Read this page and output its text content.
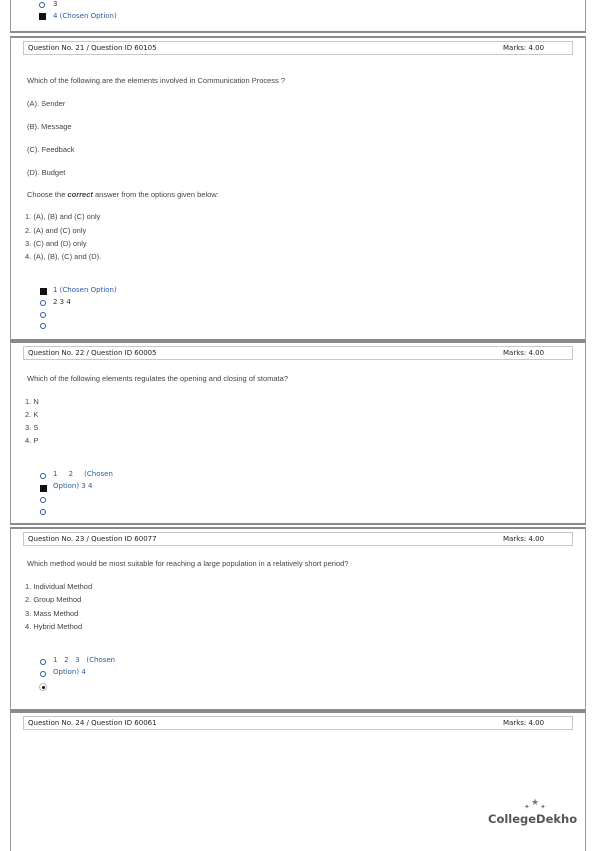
3
4 (Chosen Option)
Question No. 21 / Question ID 60105	Marks: 4.00
Which of the following are the elements involved in Communication Process ?
(A). Sender
(B). Message
(C). Feedback
(D). Budget
Choose the correct answer from the options given below:
1. (A), (B) and (C) only
2. (A) and (C) only
3. (C) and (D) only
4. (A), (B), (C) and (D).
1 (Chosen Option)
2 3 4
Question No. 22 / Question ID 60005	Marks: 4.00
Which of the following elements regulates the opening and closing of stomata?
1. N
2. K
3. S
4. P
1     2     (Chosen
Option) 3 4
Question No. 23 / Question ID 60077	Marks: 4.00
Which method would be most suitable for reaching a large population in a relatively short period?
1. Individual Method
2. Group Method
3. Mass Method
4. Hybrid Method
1   2   3   (Chosen
Option) 4
Question No. 24 / Question ID 60061	Marks: 4.00
✦ ★ ✦
CollegeDekho
